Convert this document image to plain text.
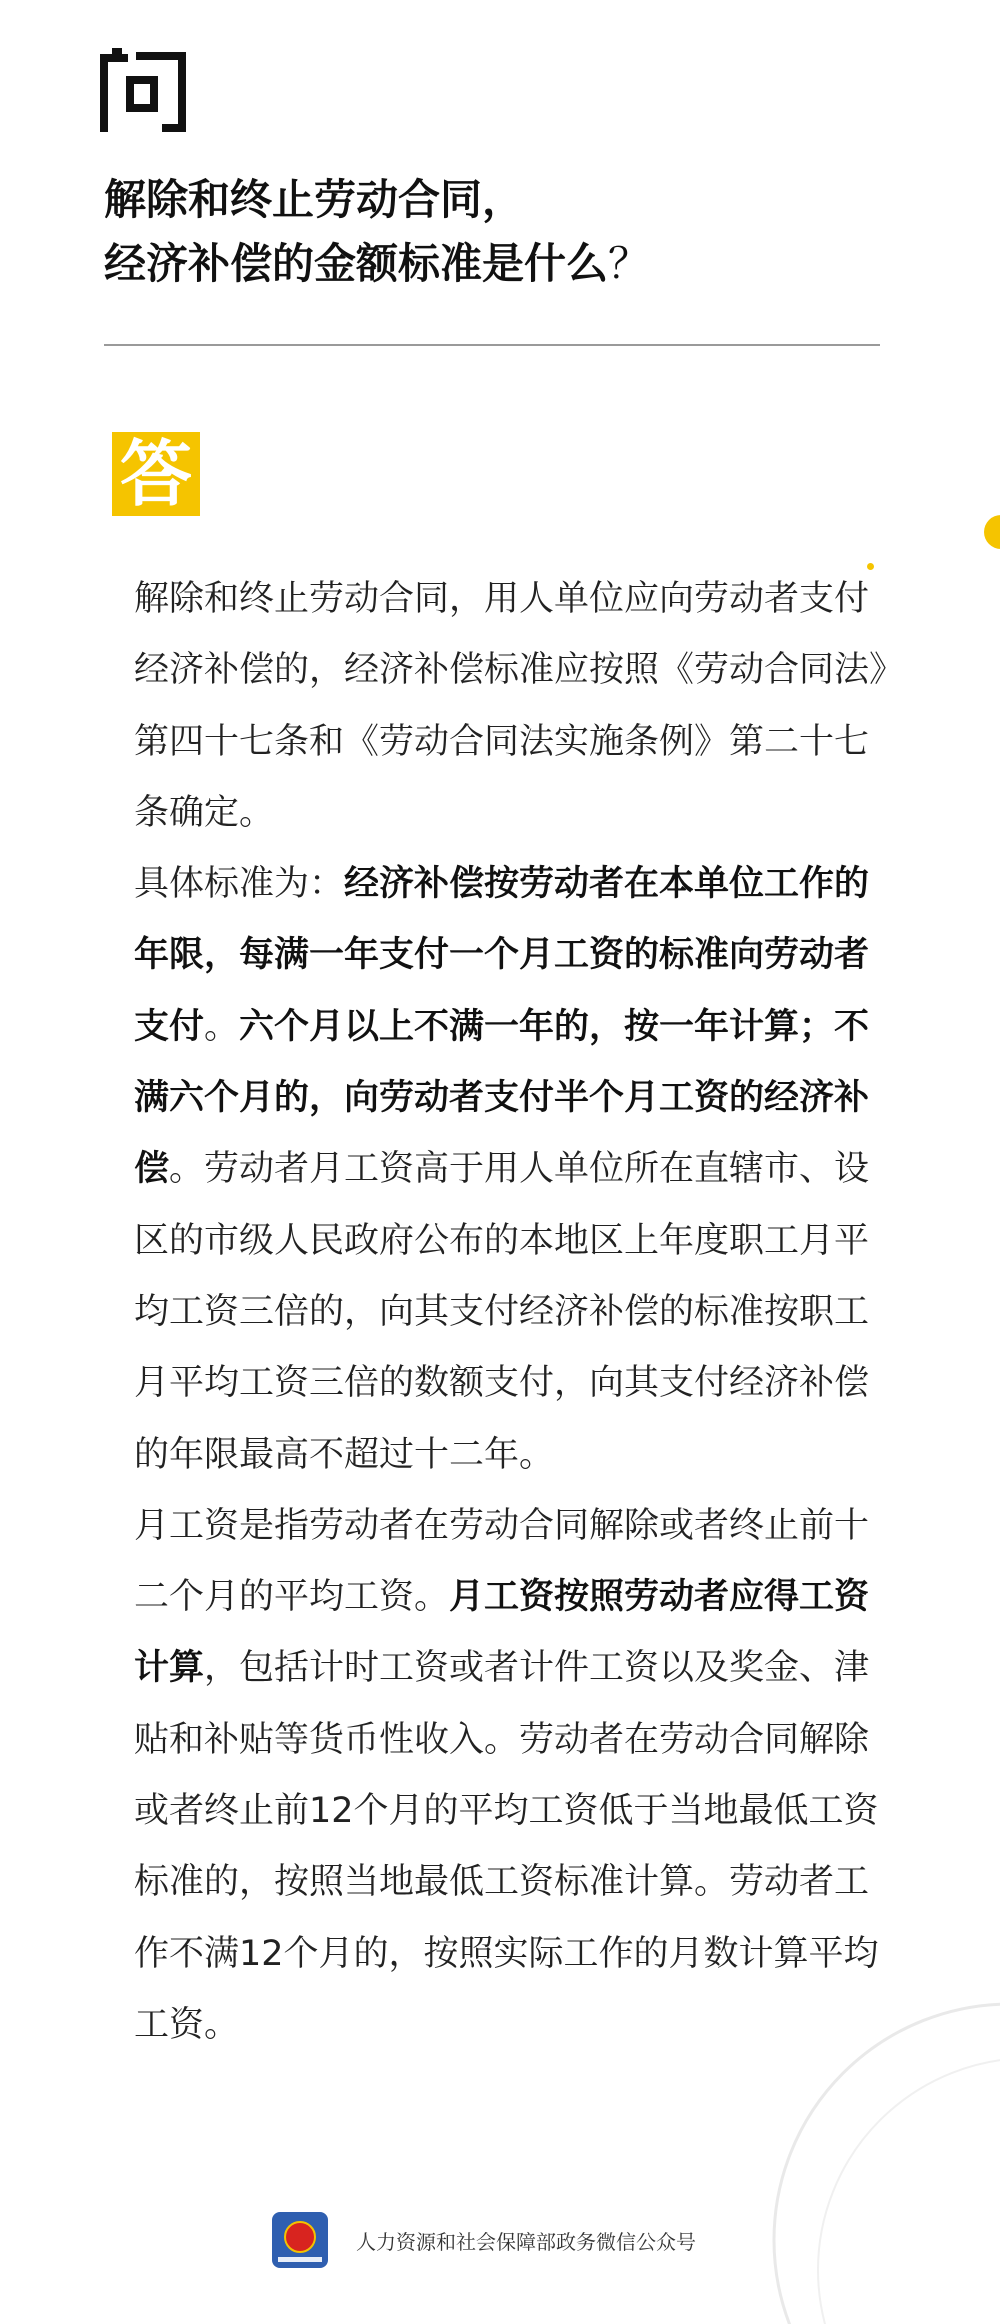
解除和终止劳动合同，
经济补偿的金额标准是什么？
答

解除和终止劳动合同，用人单位应向劳动者支付经济补偿的，经济补偿标准应按照《劳动合同法》第四十七条和《劳动合同法实施条例》第二十七条确定。

具体标准为：经济补偿按劳动者在本单位工作的年限，每满一年支付一个月工资的标准向劳动者支付。六个月以上不满一年的，按一年计算；不满六个月的，向劳动者支付半个月工资的经济补偿。劳动者月工资高于用人单位所在直辖市、设区的市级人民政府公布的本地区上年度职工月平均工资三倍的，向其支付经济补偿的标准按职工月平均工资三倍的数额支付，向其支付经济补偿的年限最高不超过十二年。

月工资是指劳动者在劳动合同解除或者终止前十二个月的平均工资。月工资按照劳动者应得工资计算，包括计时工资或者计件工资以及奖金、津贴和补贴等货币性收入。劳动者在劳动合同解除或者终止前12个月的平均工资低于当地最低工资标准的，按照当地最低工资标准计算。劳动者工作不满12个月的，按照实际工作的月数计算平均工资。

人力资源和社会保障部政务微信公众号
